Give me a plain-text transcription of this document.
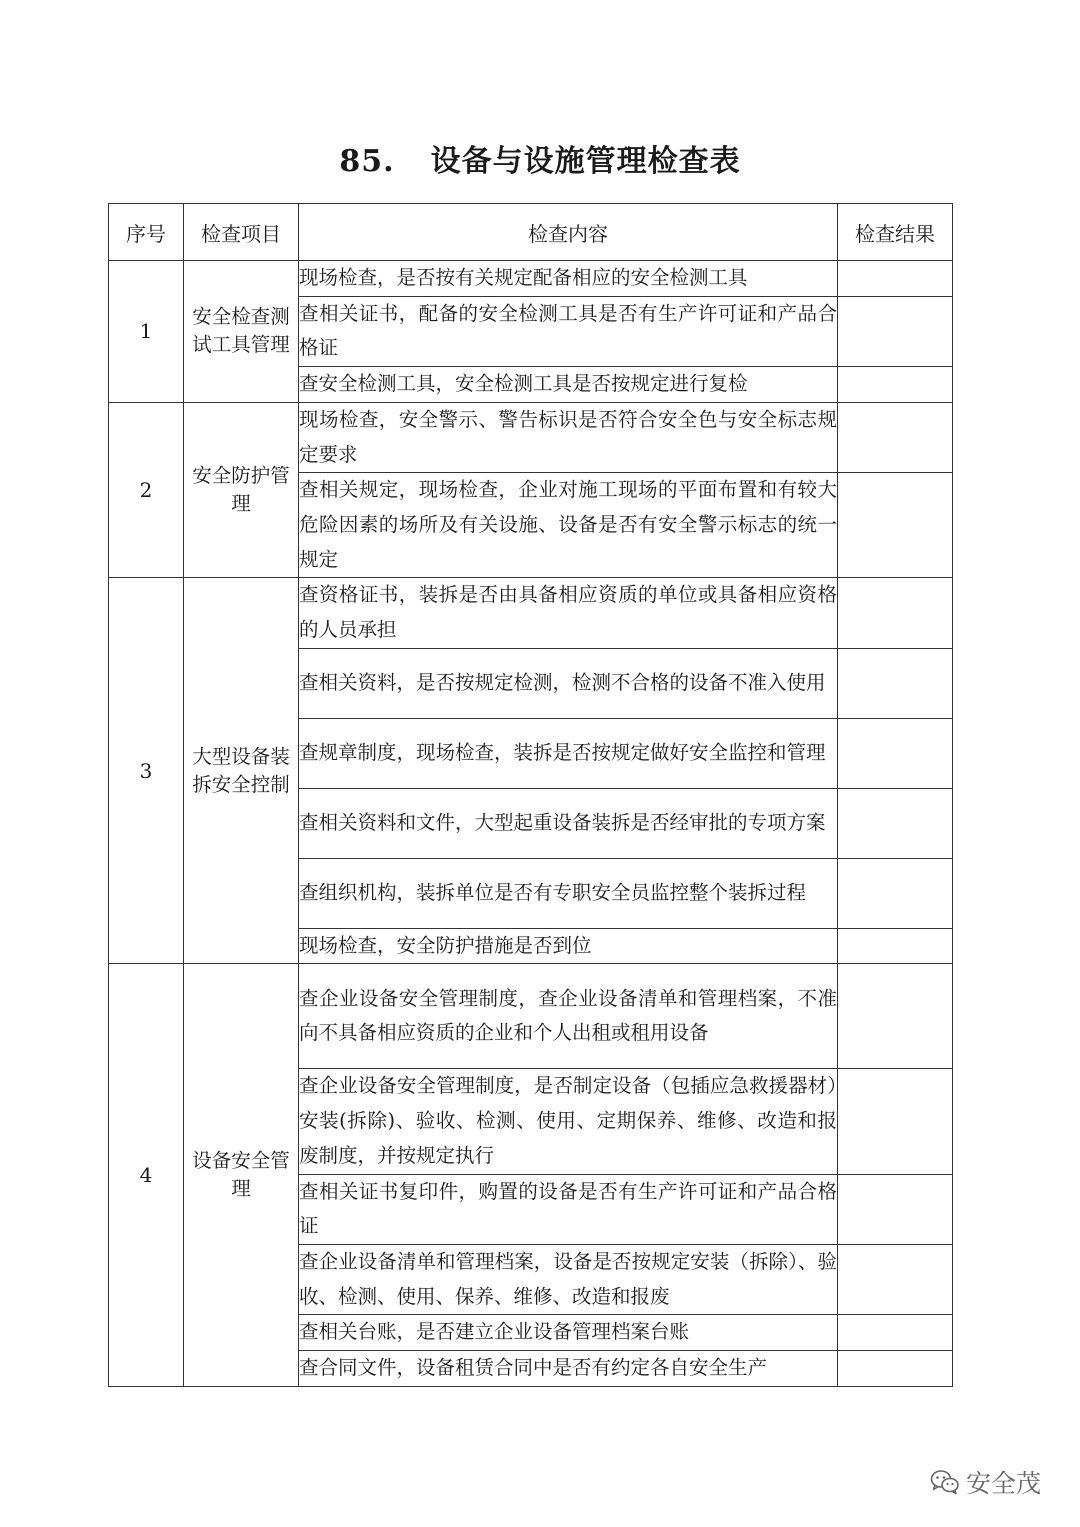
85. 设备与设施管理检查表
序号	检查项目	检查内容	检查结果
1	安全检查测试工具管理	现场检查，是否按有关规定配备相应的安全检测工具	
		查相关证书，配备的安全检测工具是否有生产许可证和产品合格证	
		查安全检测工具，安全检测工具是否按规定进行复检	
2	安全防护管理	现场检查，安全警示、警告标识是否符合安全色与安全标志规定要求	
		查相关规定，现场检查，企业对施工现场的平面布置和有较大危险因素的场所及有关设施、设备是否有安全警示标志的统一规定	
3	大型设备装拆安全控制	查资格证书，装拆是否由具备相应资质的单位或具备相应资格的人员承担	
		查相关资料，是否按规定检测，检测不合格的设备不准入使用	
		查规章制度，现场检查，装拆是否按规定做好安全监控和管理	
		查相关资料和文件，大型起重设备装拆是否经审批的专项方案	
		查组织机构，装拆单位是否有专职安全员监控整个装拆过程	
		现场检查，安全防护措施是否到位	
4	设备安全管理	查企业设备安全管理制度，查企业设备清单和管理档案，不准向不具备相应资质的企业和个人出租或租用设备	
		查企业设备安全管理制度，是否制定设备（包插应急救援器材）安装(拆除)、验收、检测、使用、定期保养、维修、改造和报废制度，并按规定执行	
		查相关证书复印件，购置的设备是否有生产许可证和产品合格证	
		查企业设备清单和管理档案，设备是否按规定安装（拆除）、验收、检测、使用、保养、维修、改造和报废	
		查相关台账，是否建立企业设备管理档案台账	
		查合同文件，设备租赁合同中是否有约定各自安全生产	
安全茂
